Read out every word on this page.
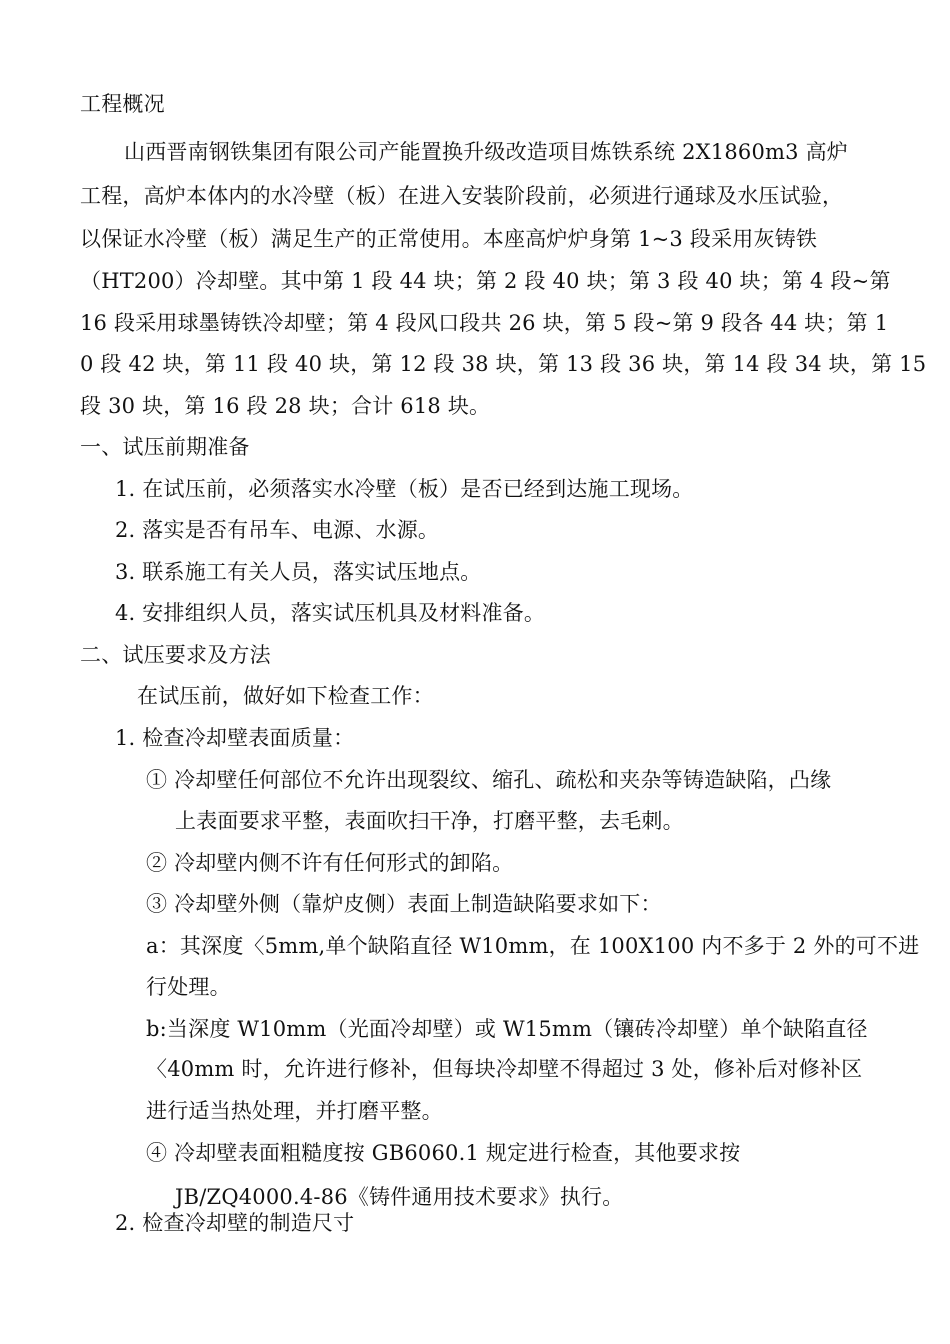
工程概况
山西晋南钢铁集团有限公司产能置换升级改造项目炼铁系统 2X1860m3 高炉
工程，高炉本体内的水冷壁（板）在进入安装阶段前，必须进行通球及水压试验，
以保证水冷壁（板）满足生产的正常使用。本座高炉炉身第 1~3 段采用灰铸铁
（HT200）冷却壁。其中第 1 段 44 块；第 2 段 40 块；第 3 段 40 块；第 4 段~第
16 段采用球墨铸铁冷却壁；第 4 段风口段共 26 块，第 5 段~第 9 段各 44 块；第 1
0 段 42 块，第 11 段 40 块，第 12 段 38 块，第 13 段 36 块，第 14 段 34 块，第 15
段 30 块，第 16 段 28 块；合计 618 块。
一、试压前期准备
1. 在试压前，必须落实水冷壁（板）是否已经到达施工现场。
2. 落实是否有吊车、电源、水源。
3. 联系施工有关人员，落实试压地点。
4. 安排组织人员，落实试压机具及材料准备。
二、试压要求及方法
在试压前，做好如下检查工作：
1. 检查冷却壁表面质量：
① 冷却壁任何部位不允许出现裂纹、缩孔、疏松和夹杂等铸造缺陷，凸缘
上表面要求平整，表面吹扫干净，打磨平整，去毛刺。
② 冷却壁内侧不许有任何形式的卸陷。
③ 冷却壁外侧（靠炉皮侧）表面上制造缺陷要求如下：
a：其深度〈5mm,单个缺陷直径 W10mm，在 100X100 内不多于 2 外的可不进
行处理。
b:当深度 W10mm（光面冷却壁）或 W15mm（镶砖冷却壁）单个缺陷直径
〈40mm 时，允许进行修补，但每块冷却壁不得超过 3 处，修补后对修补区
进行适当热处理，并打磨平整。
④ 冷却壁表面粗糙度按 GB6060.1 规定进行检查，其他要求按
JB/ZQ4000.4-86《铸件通用技术要求》执行。
2. 检查冷却壁的制造尺寸
